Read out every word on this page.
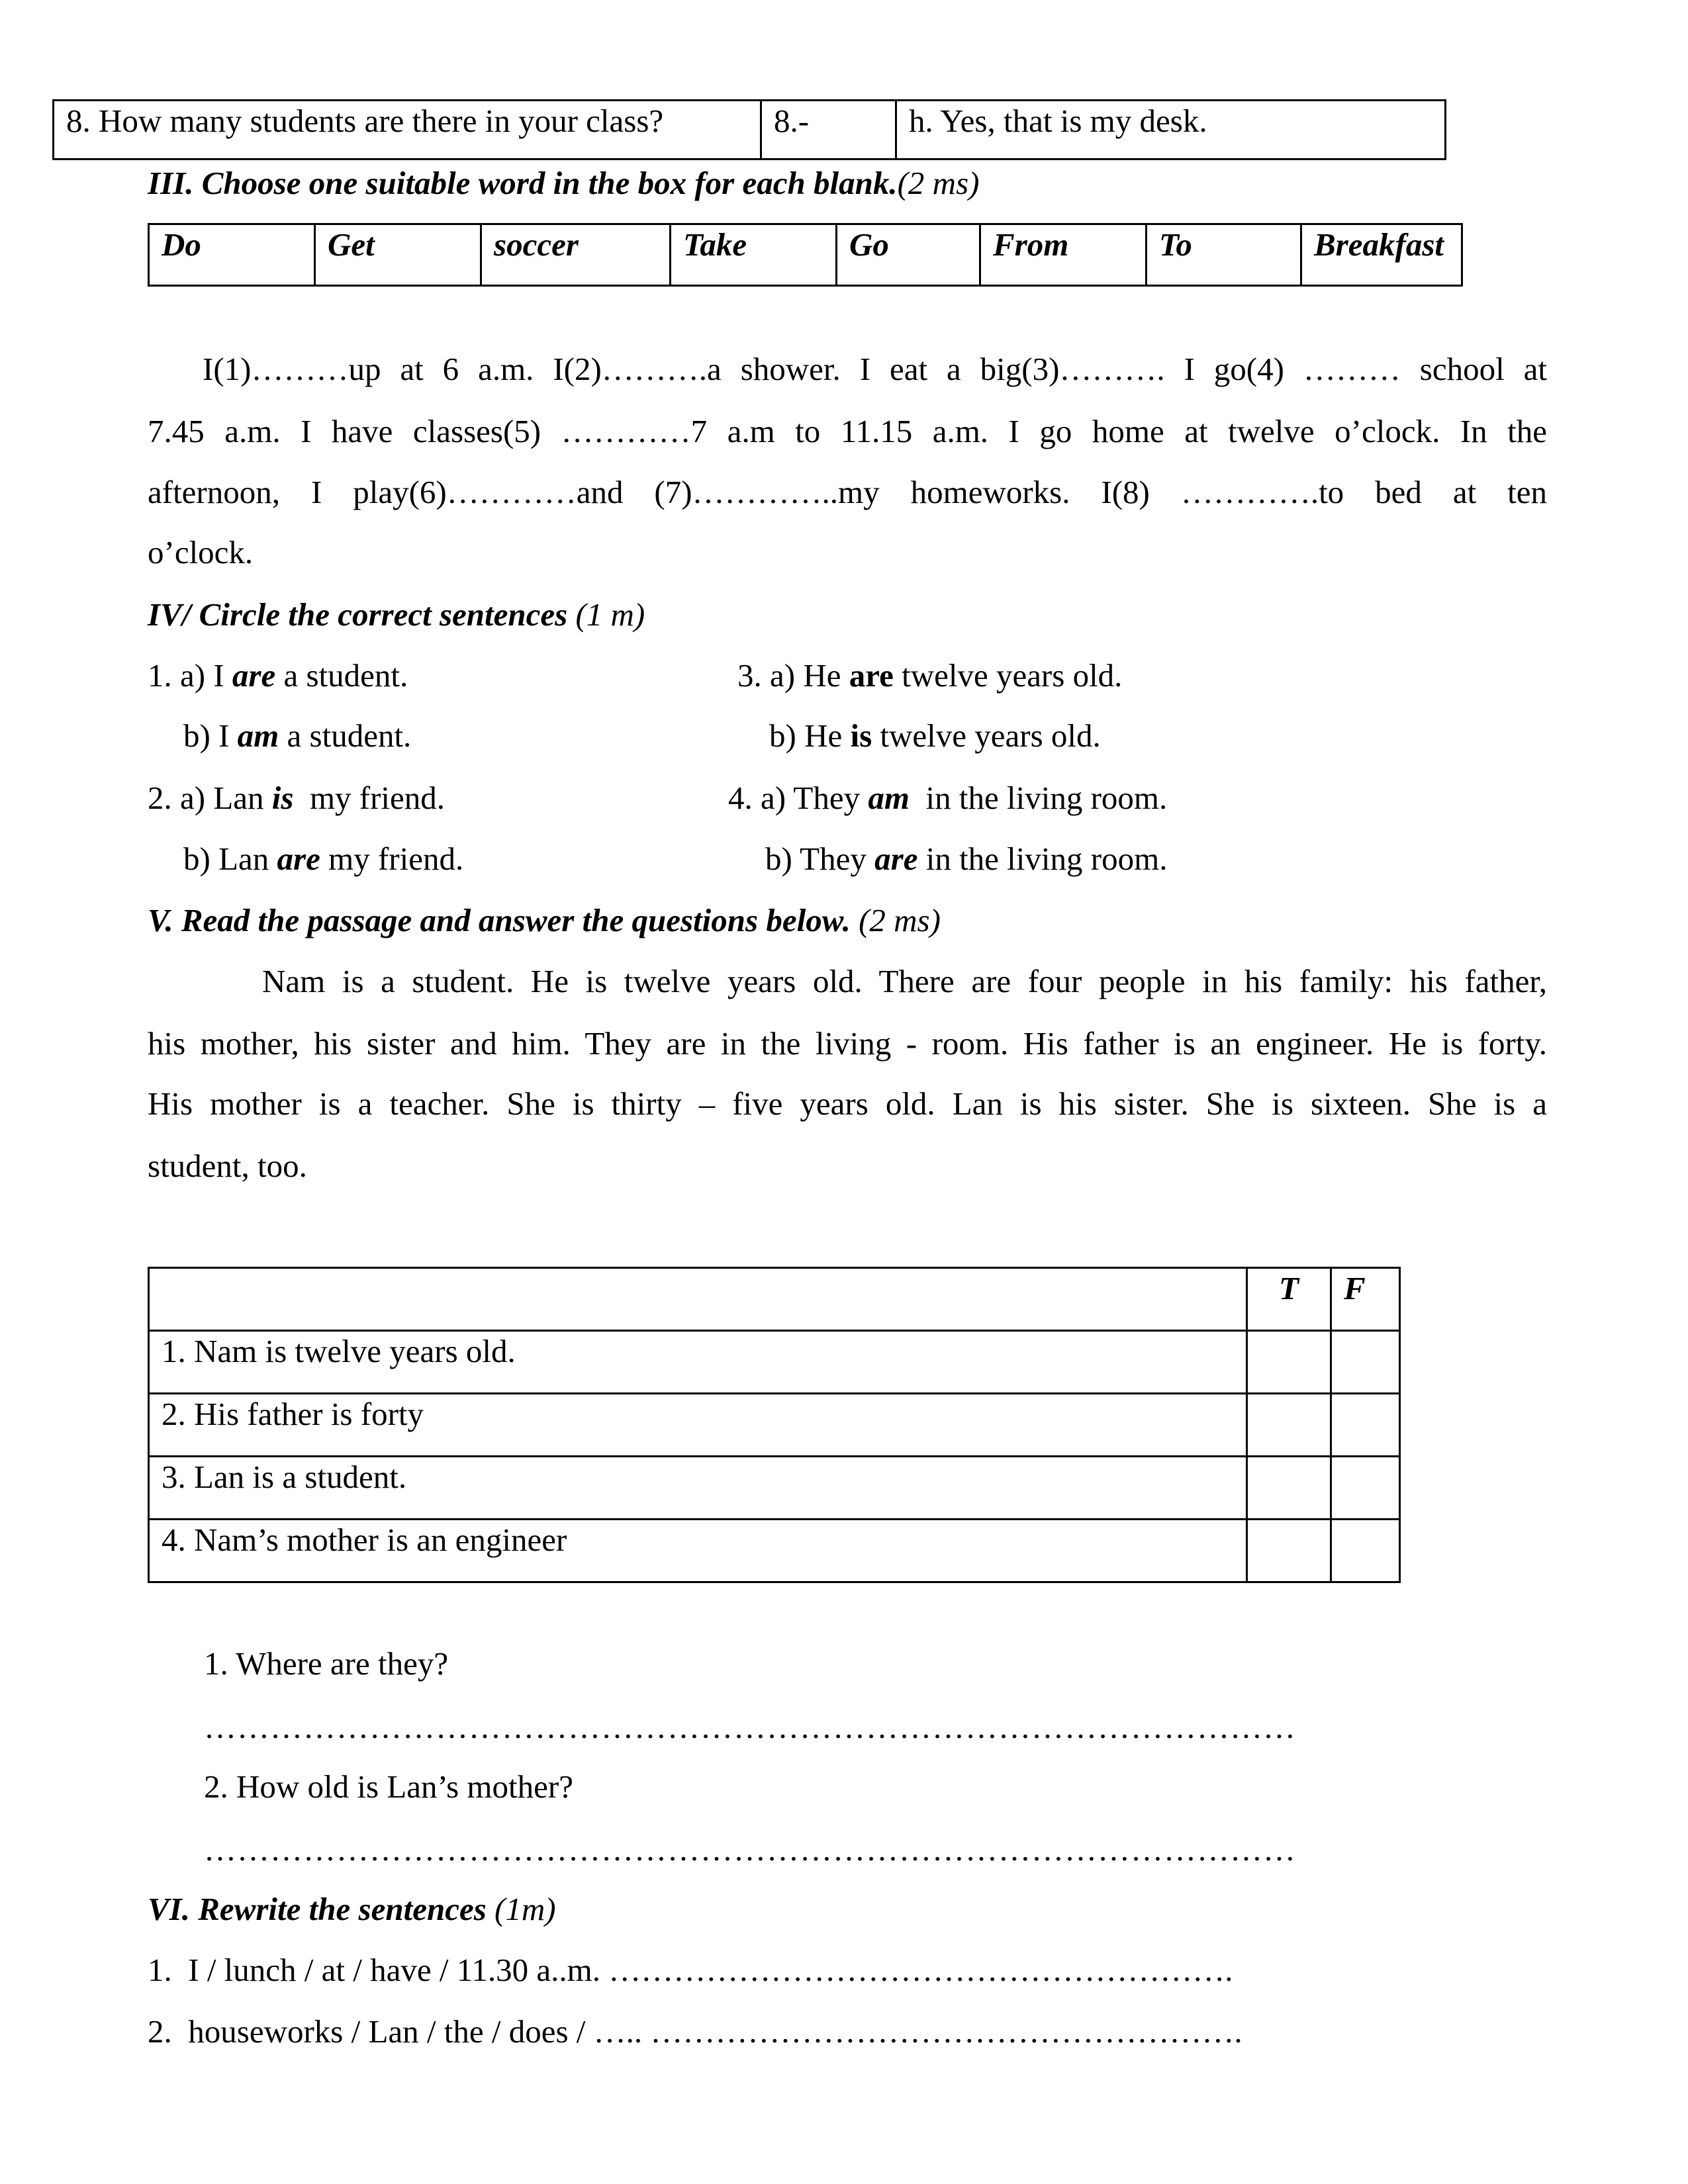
8. How many students are there in your class?	8.-	h. Yes, that is my desk.
III. Choose one suitable word in the box for each blank.(2 ms)
Do	Get	soccer	Take	Go	From	To	Breakfast
I(1)………up at 6 a.m. I(2)……….a shower. I eat a big(3)………. I go(4) ……… school at
7.45 a.m. I have classes(5) …………7 a.m to 11.15 a.m. I go home at twelve o’clock. In the
afternoon, I play(6)…………and (7)…………..my homeworks. I(8) ………….to bed at ten
o’clock.
IV/ Circle the correct sentences (1 m)
1. a) I are a student.
b) I am a student.
2. a) Lan is  my friend.
b) Lan are my friend.
3. a) He are twelve years old.
b) He is twelve years old.
4. a) They am  in the living room.
b) They are in the living room.
V. Read the passage and answer the questions below. (2 ms)
Nam is a student. He is twelve years old. There are four people in his family: his father,
his mother, his sister and him. They are in the living - room. His father is an engineer. He is forty.
His mother is a teacher. She is thirty – five years old. Lan is his sister. She is sixteen. She is a
student, too.
	T	F
1. Nam is twelve years old.		
2. His father is forty		
3. Lan is a student.		
4. Nam’s mother is an engineer		
1. Where are they?
………………………………………………………………………………………
2. How old is Lan’s mother?
………………………………………………………………………………………
VI. Rewrite the sentences (1m)
1.  I / lunch / at / have / 11.30 a..m. ………………………………………………….
2.  houseworks / Lan / the / does / ….. ……………………………………………….
